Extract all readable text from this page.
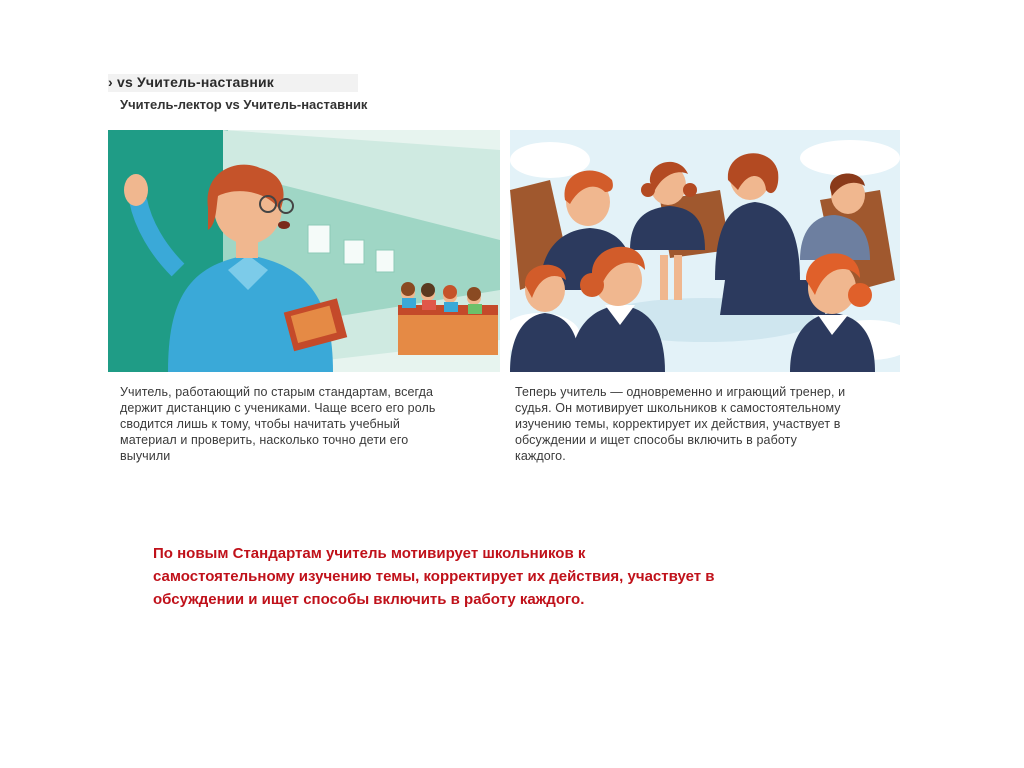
› vs Учитель-наставник
Учитель-лектор vs Учитель-наставник
Учитель, работающий по старым стандартам, всегда
держит дистанцию с учениками. Чаще всего его роль
сводится лишь к тому, чтобы начитать учебный
материал и проверить, насколько точно дети его
выучили
Теперь учитель — одновременно и играющий тренер, и
судья. Он мотивирует школьников к самостоятельному
изучению темы, корректирует их действия, участвует в
обсуждении и ищет способы включить в работу
каждого.
По новым Стандартам учитель мотивирует школьников к
самостоятельному изучению темы, корректирует их действия, участвует в
обсуждении и ищет способы включить в работу каждого.
